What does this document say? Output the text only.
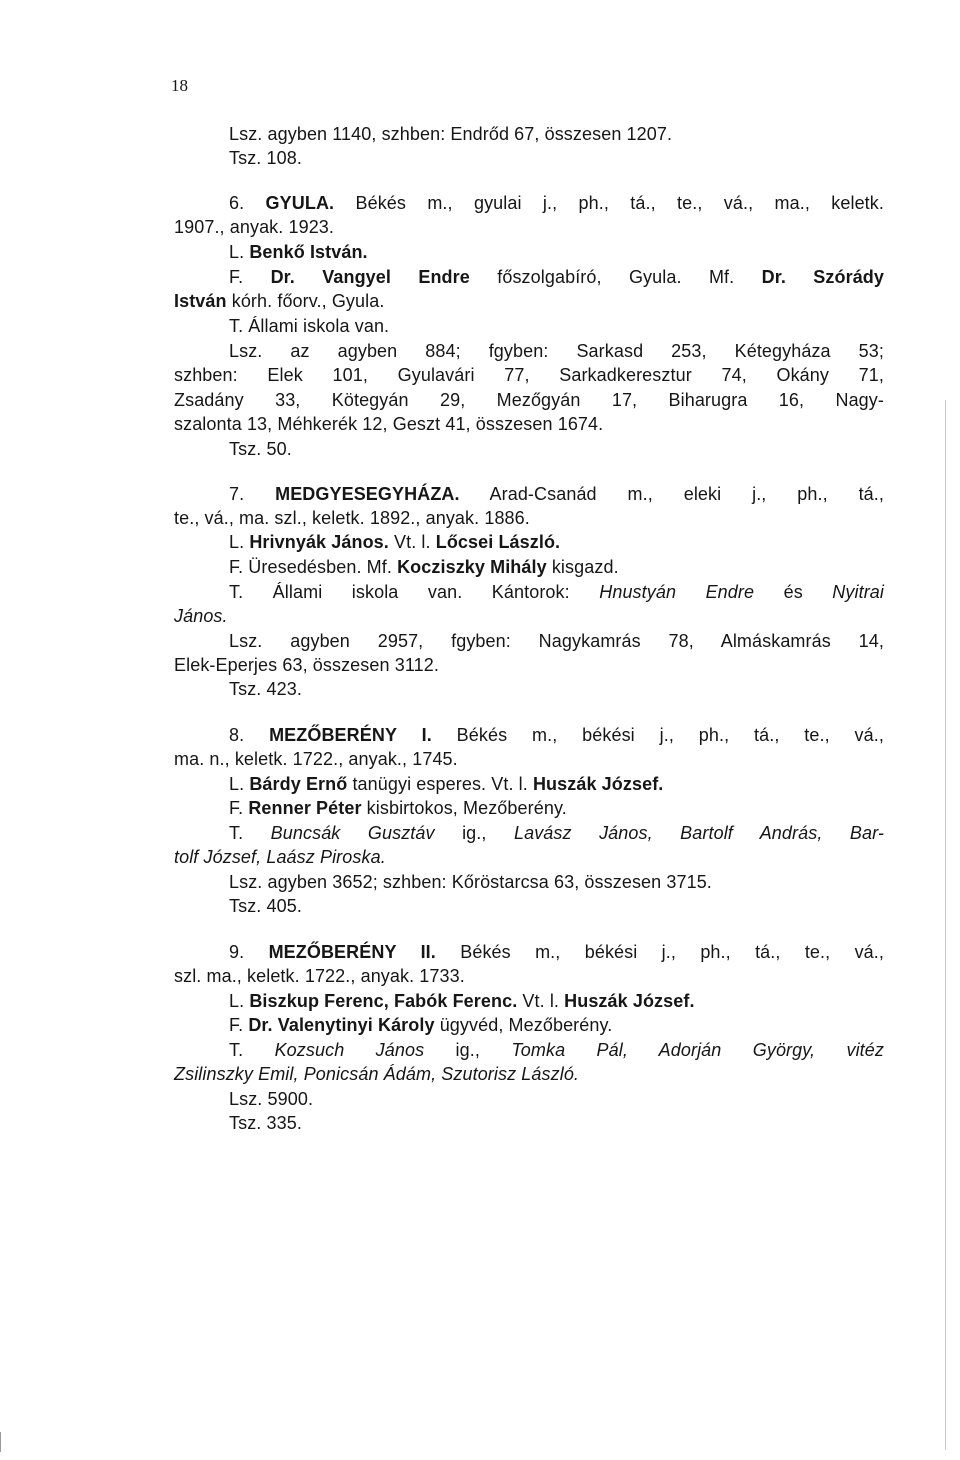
18
Lsz. agyben 1140, szhben: Endrőd 67, összesen 1207.
Tsz. 108.
6. GYULA. Békés m., gyulai j., ph., tá., te., vá., ma., keletk.
1907., anyak. 1923.
L. Benkő István.
F. Dr. Vangyel Endre főszolgabíró, Gyula. Mf. Dr. Szórády
István kórh. főorv., Gyula.
T. Állami iskola van.
Lsz. az agyben 884; fgyben: Sarkasd 253, Kétegyháza 53;
szhben: Elek 101, Gyulavári 77, Sarkadkeresztur 74, Okány 71,
Zsadány 33, Kötegyán 29, Mezőgyán 17, Biharugra 16, Nagy-
szalonta 13, Méhkerék 12, Geszt 41, összesen 1674.
Tsz. 50.
7. MEDGYESEGYHÁZA. Arad-Csanád m., eleki j., ph., tá.,
te., vá., ma. szl., keletk. 1892., anyak. 1886.
L. Hrivnyák János. Vt. l. Lőcsei László.
F. Üresedésben. Mf. Kocziszky Mihály kisgazd.
T. Állami iskola van. Kántorok: Hnustyán Endre és Nyitrai
János.
Lsz. agyben 2957, fgyben: Nagykamrás 78, Almáskamrás 14,
Elek-Eperjes 63, összesen 3112.
Tsz. 423.
8. MEZŐBERÉNY I. Békés m., békési j., ph., tá., te., vá.,
ma. n., keletk. 1722., anyak., 1745.
L. Bárdy Ernő tanügyi esperes. Vt. l. Huszák József.
F. Renner Péter kisbirtokos, Mezőberény.
T. Buncsák Gusztáv ig., Lavász János, Bartolf András, Bar-
tolf József, Laász Piroska.
Lsz. agyben 3652; szhben: Kőröstarcsa 63, összesen 3715.
Tsz. 405.
9. MEZŐBERÉNY II. Békés m., békési j., ph., tá., te., vá.,
szl. ma., keletk. 1722., anyak. 1733.
L. Biszkup Ferenc, Fabók Ferenc. Vt. l. Huszák József.
F. Dr. Valenytinyi Károly ügyvéd, Mezőberény.
T. Kozsuch János ig., Tomka Pál, Adorján György, vitéz
Zsilinszky Emil, Ponicsán Ádám, Szutorisz László.
Lsz. 5900.
Tsz. 335.
